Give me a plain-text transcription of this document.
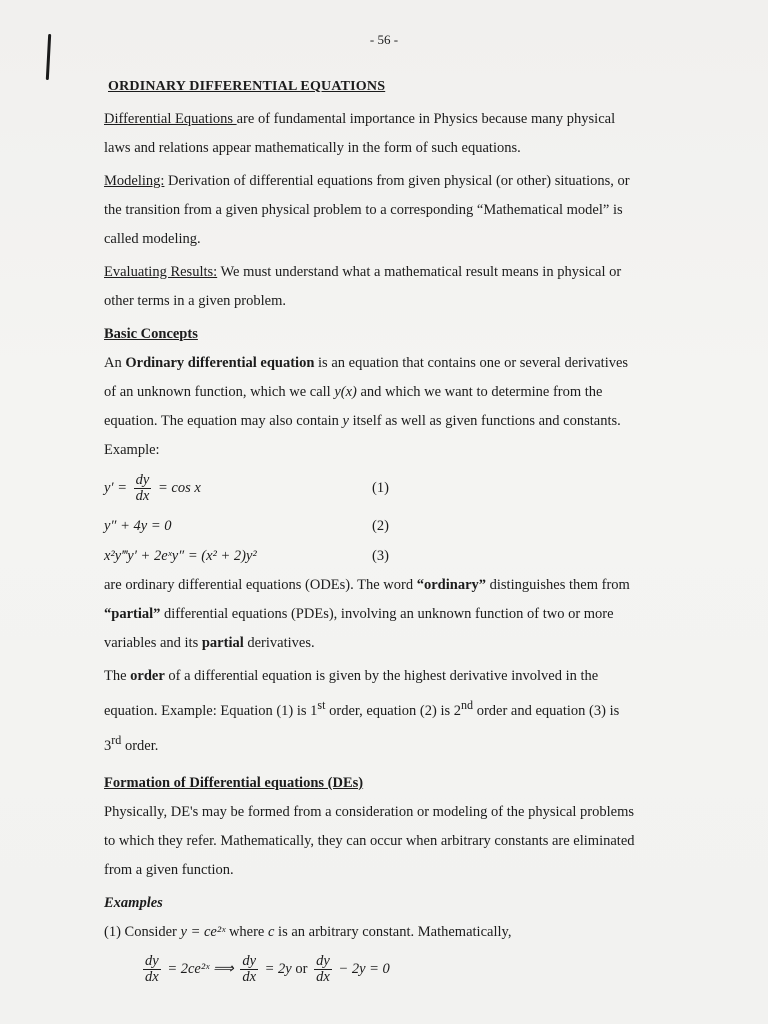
- 56 -
ORDINARY DIFFERENTIAL EQUATIONS
Differential Equations are of fundamental importance in Physics because many physical
laws and relations appear mathematically in the form of such equations.
Modeling: Derivation of differential equations from given physical (or other) situations, or
the transition from a given physical problem to a corresponding “Mathematical model” is
called modeling.
Evaluating Results: We must understand what a mathematical result means in physical or
other terms in a given problem.
Basic Concepts
An Ordinary differential equation is an equation that contains one or several derivatives
of an unknown function, which we call y(x) and which we want to determine from the
equation. The equation may also contain y itself as well as given functions and constants.
Example:
$y' = \frac{dy}{dx} = \cos x$	(1)
y″ + 4y = 0	(2)
x²y‴y′ + 2eˣy″ = (x² + 2)y²	(3)
are ordinary differential equations (ODEs). The word “ordinary” distinguishes them from
“partial” differential equations (PDEs), involving an unknown function of two or more
variables and its partial derivatives.
The order of a differential equation is given by the highest derivative involved in the
equation. Example: Equation (1) is 1st order, equation (2) is 2nd order and equation (3) is
3rd order.
Formation of Differential equations (DEs)
Physically, DE's may be formed from a consideration or modeling of the physical problems
to which they refer. Mathematically, they can occur when arbitrary constants are eliminated
from a given function.
Examples
(1) Consider y = ce²ˣ where c is an arbitrary constant. Mathematically,
$\frac{dy}{dx}$ = 2ce²ˣ ⟹ $\frac{dy}{dx} = 2y$ or $\frac{dy}{dx} - 2y = 0$
